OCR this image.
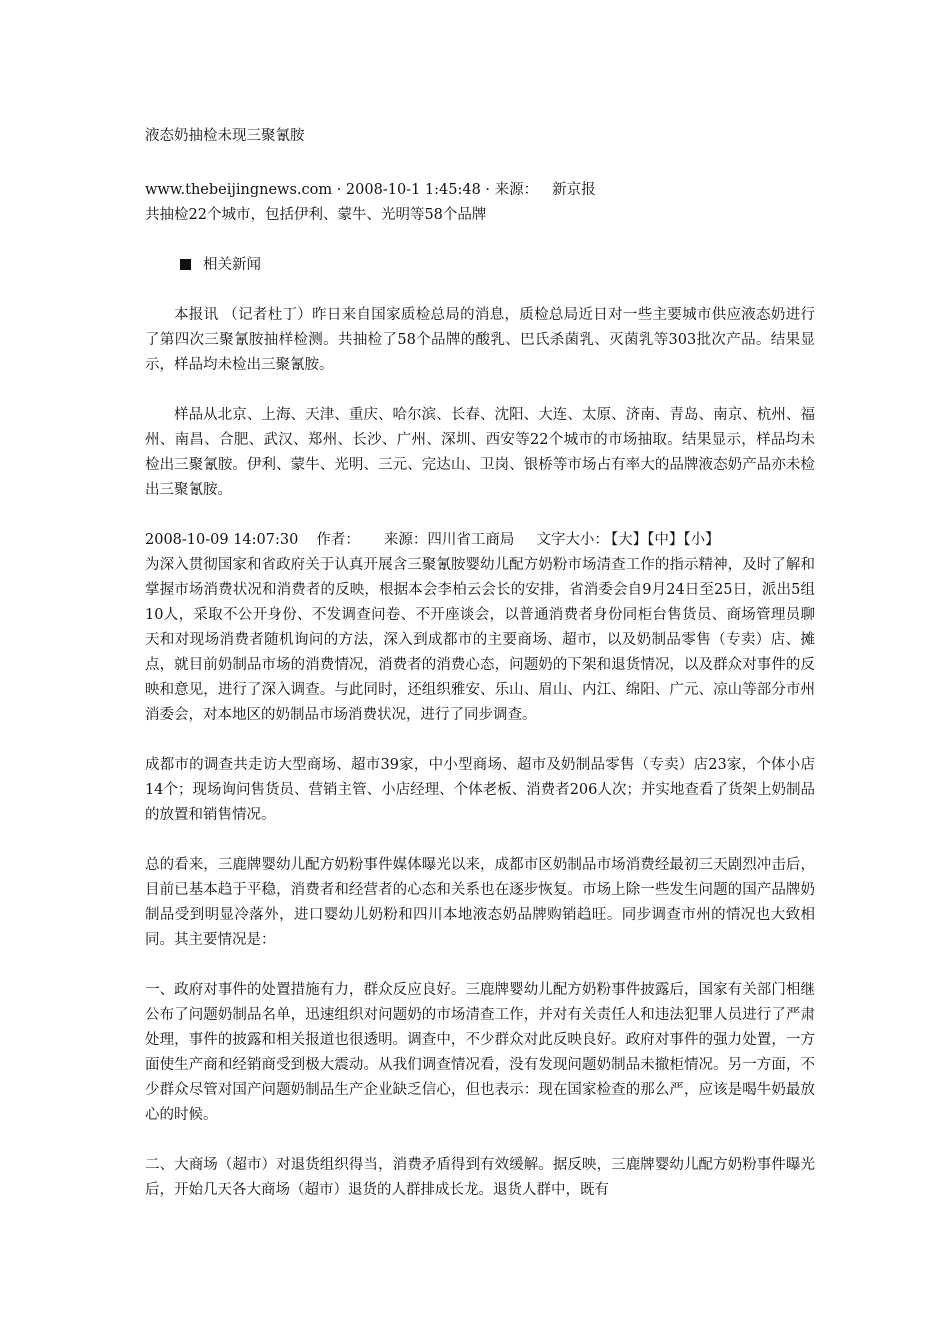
液态奶抽检未现三聚氰胺
www.thebeijingnews.com · 2008-10-1 1:45:48 · 来源： 新京报

共抽检22个城市，包括伊利、蒙牛、光明等58个品牌

相关新闻

本报讯 （记者杜丁）昨日来自国家质检总局的消息，质检总局近日对一些主要城市供应液态奶进行了第四次三聚氰胺抽样检测。共抽检了58个品牌的酸乳、巴氏杀菌乳、灭菌乳等303批次产品。结果显示，样品均未检出三聚氰胺。

样品从北京、上海、天津、重庆、哈尔滨、长春、沈阳、大连、太原、济南、青岛、南京、杭州、福州、南昌、合肥、武汉、郑州、长沙、广州、深圳、西安等22个城市的市场抽取。结果显示，样品均未检出三聚氰胺。伊利、蒙牛、光明、三元、完达山、卫岗、银桥等市场占有率大的品牌液态奶产品亦未检出三聚氰胺。

2008-10-09 14:07:30 作者： 来源：四川省工商局 文字大小： 【大】【中】【小】

为深入贯彻国家和省政府关于认真开展含三聚氰胺婴幼儿配方奶粉市场清查工作的指示精神，及时了解和掌握市场消费状况和消费者的反映，根据本会李柏云会长的安排，省消委会自9月24日至25日，派出5组10人，采取不公开身份、不发调查问卷、不开座谈会，以普通消费者身份同柜台售货员、商场管理员聊天和对现场消费者随机询问的方法，深入到成都市的主要商场、超市，以及奶制品零售（专卖）店、摊点，就目前奶制品市场的消费情况，消费者的消费心态，问题奶的下架和退货情况，以及群众对事件的反映和意见，进行了深入调查。与此同时，还组织雅安、乐山、眉山、内江、绵阳、广元、凉山等部分市州消委会，对本地区的奶制品市场消费状况，进行了同步调查。

成都市的调查共走访大型商场、超市39家，中小型商场、超市及奶制品零售（专卖）店23家，个体小店14个；现场询问售货员、营销主管、小店经理、个体老板、消费者206人次；并实地查看了货架上奶制品的放置和销售情况。

总的看来，三鹿牌婴幼儿配方奶粉事件媒体曝光以来，成都市区奶制品市场消费经最初三天剧烈冲击后，目前已基本趋于平稳，消费者和经营者的心态和关系也在逐步恢复。市场上除一些发生问题的国产品牌奶制品受到明显冷落外，进口婴幼儿奶粉和四川本地液态奶品牌购销趋旺。同步调查市州的情况也大致相同。其主要情况是：

一、政府对事件的处置措施有力，群众反应良好。三鹿牌婴幼儿配方奶粉事件披露后，国家有关部门相继公布了问题奶制品名单，迅速组织对问题奶的市场清查工作，并对有关责任人和违法犯罪人员进行了严肃处理，事件的披露和相关报道也很透明。调查中，不少群众对此反映良好。政府对事件的强力处置，一方面使生产商和经销商受到极大震动。从我们调查情况看，没有发现问题奶制品未撤柜情况。另一方面，不少群众尽管对国产问题奶制品生产企业缺乏信心，但也表示：现在国家检查的那么严，应该是喝牛奶最放心的时候。

二、大商场（超市）对退货组织得当，消费矛盾得到有效缓解。据反映，三鹿牌婴幼儿配方奶粉事件曝光后，开始几天各大商场（超市）退货的人群排成长龙。退货人群中，既有
